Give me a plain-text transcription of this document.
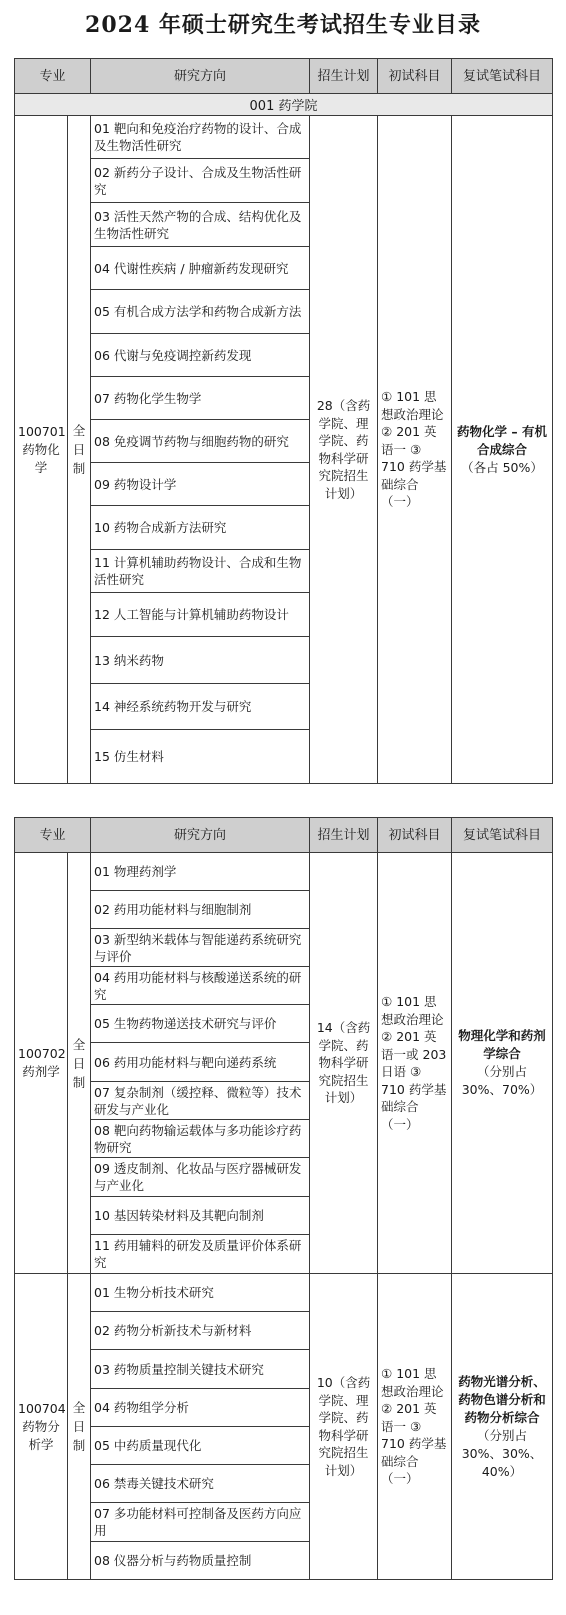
2024 年硕士研究生考试招生专业目录
专业		研究方向	招生计划	初试科目	复试笔试科目
001 药学院					
100701 药物化学	全日制	01 靶向和免疫治疗药物的设计、合成及生物活性研究	28（含药学院、理学院、药物科学研究院招生计划）	① 101 思想政治理论 ② 201 英语一 ③ 710 药学基础综合（一）	药物化学 – 有机合成综合
（各占 50%）
		02 新药分子设计、合成及生物活性研究			
		03 活性天然产物的合成、结构优化及生物活性研究			
		04 代谢性疾病 / 肿瘤新药发现研究			
		05 有机合成方法学和药物合成新方法			
		06 代谢与免疫调控新药发现			
		07 药物化学生物学			
		08 免疫调节药物与细胞药物的研究			
		09 药物设计学			
		10 药物合成新方法研究			
		11 计算机辅助药物设计、合成和生物活性研究			
		12 人工智能与计算机辅助药物设计			
		13 纳米药物			
		14 神经系统药物开发与研究			
		15 仿生材料			
专业		研究方向	招生计划	初试科目	复试笔试科目
100702 药剂学	全日制	01 物理药剂学	14（含药学院、药物科学研究院招生计划）	① 101 思想政治理论 ② 201 英语一或 203 日语 ③ 710 药学基础综合（一）	物理化学和药剂学综合
（分别占 30%、70%）
		02 药用功能材料与细胞制剂			
		03 新型纳米载体与智能递药系统研究与评价			
		04 药用功能材料与核酸递送系统的研究			
		05 生物药物递送技术研究与评价			
		06 药用功能材料与靶向递药系统			
		07 复杂制剂（缓控释、微粒等）技术研发与产业化			
		08 靶向药物输运载体与多功能诊疗药物研究			
		09 透皮制剂、化妆品与医疗器械研发与产业化			
		10 基因转染材料及其靶向制剂			
		11 药用辅料的研发及质量评价体系研究			
100704 药物分析学	全日制	01 生物分析技术研究	10（含药学院、理学院、药物科学研究院招生计划）	① 101 思想政治理论 ② 201 英语一 ③ 710 药学基础综合（一）	药物光谱分析、药物色谱分析和药物分析综合
（分别占 30%、30%、40%）
		02 药物分析新技术与新材料			
		03 药物质量控制关键技术研究			
		04 药物组学分析			
		05 中药质量现代化			
		06 禁毒关键技术研究			
		07 多功能材料可控制备及医药方向应用			
		08 仪器分析与药物质量控制			
